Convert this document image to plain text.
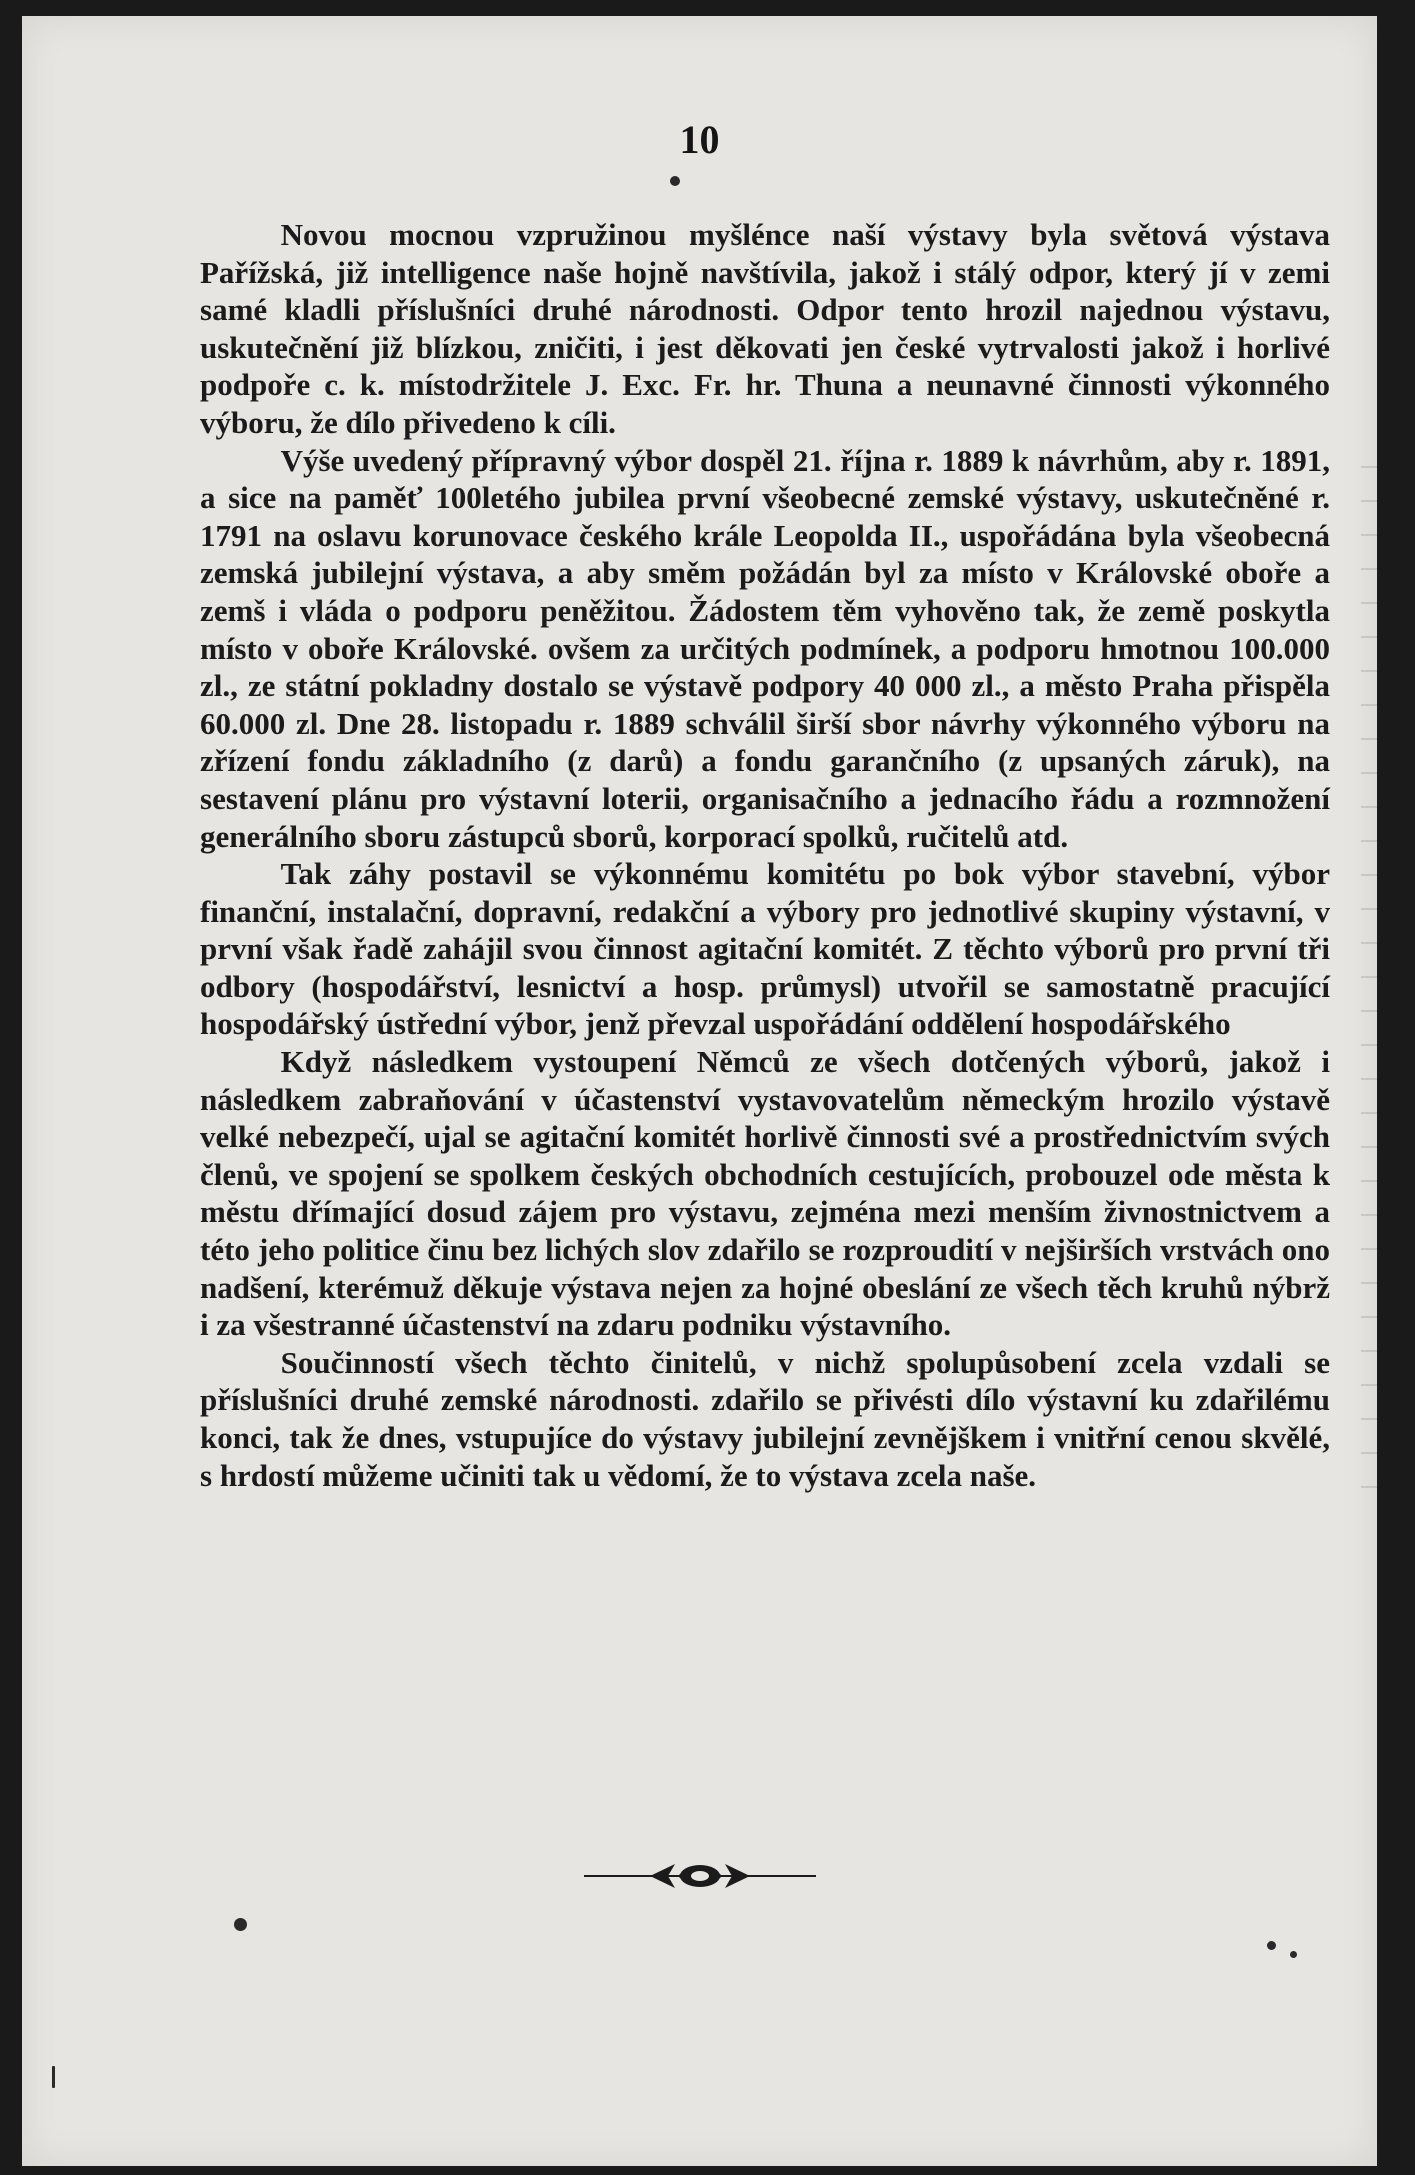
10

Novou mocnou vzpružinou myšlénce naší výstavy byla světová výstava Pařížská, již intelligence naše hojně navštívila, jakož i stálý odpor, který jí v zemi samé kladli příslušníci druhé národnosti. Odpor tento hrozil najednou výstavu, uskutečnění již blízkou, zničiti, i jest děkovati jen české vytrvalosti jakož i horlivé podpoře c. k. místodržitele J. Exc. Fr. hr. Thuna a neunavné činnosti výkonného výboru, že dílo přivedeno k cíli.

Výše uvedený přípravný výbor dospěl 21. října r. 1889 k návrhům, aby r. 1891, a sice na paměť 100letého jubilea první všeobecné zemské výstavy, uskutečněné r. 1791 na oslavu korunovace českého krále Leopolda II., uspořádána byla všeobecná zemská jubilejní výstava, a aby směm požádán byl za místo v Královské oboře a zemš i vláda o podporu peněžitou. Žádostem těm vyhověno tak, že země poskytla místo v oboře Královské. ovšem za určitých podmínek, a podporu hmotnou 100.000 zl., ze státní pokladny dostalo se výstavě podpory 40 000 zl., a město Praha přispěla 60.000 zl. Dne 28. listopadu r. 1889 schválil širší sbor návrhy výkonného výboru na zřízení fondu základního (z darů) a fondu garančního (z upsaných záruk), na sestavení plánu pro výstavní loterii, organisačního a jednacího řádu a rozmnožení generálního sboru zástupců sborů, korporací spolků, ručitelů atd.

Tak záhy postavil se výkonnému komitétu po bok výbor stavební, výbor finanční, instalační, dopravní, redakční a výbory pro jednotlivé skupiny výstavní, v první však řadě zahájil svou činnost agitační komitét. Z těchto výborů pro první tři odbory (hospodářství, lesnictví a hosp. průmysl) utvořil se samostatně pracující hospodářský ústřední výbor, jenž převzal uspořádání oddělení hospodářského

Když následkem vystoupení Němců ze všech dotčených výborů, jakož i následkem zabraňování v účastenství vystavovatelům německým hrozilo výstavě velké nebezpečí, ujal se agitační komitét horlivě činnosti své a prostřednictvím svých členů, ve spojení se spolkem českých obchodních cestujících, probouzel ode města k městu dřímající dosud zájem pro výstavu, zejména mezi menším živnostnictvem a této jeho politice činu bez lichých slov zdařilo se rozproudití v nejširších vrstvách ono nadšení, kterémuž děkuje výstava nejen za hojné obeslání ze všech těch kruhů nýbrž i za všestranné účastenství na zdaru podniku výstavního.

Součinností všech těchto činitelů, v nichž spolupůsobení zcela vzdali se příslušníci druhé zemské národnosti. zdařilo se přivésti dílo výstavní ku zdařilému konci, tak že dnes, vstupujíce do výstavy jubilejní zevnějškem i vnitřní cenou skvělé, s hrdostí můžeme učiniti tak u vědomí, že to výstava zcela naše.
